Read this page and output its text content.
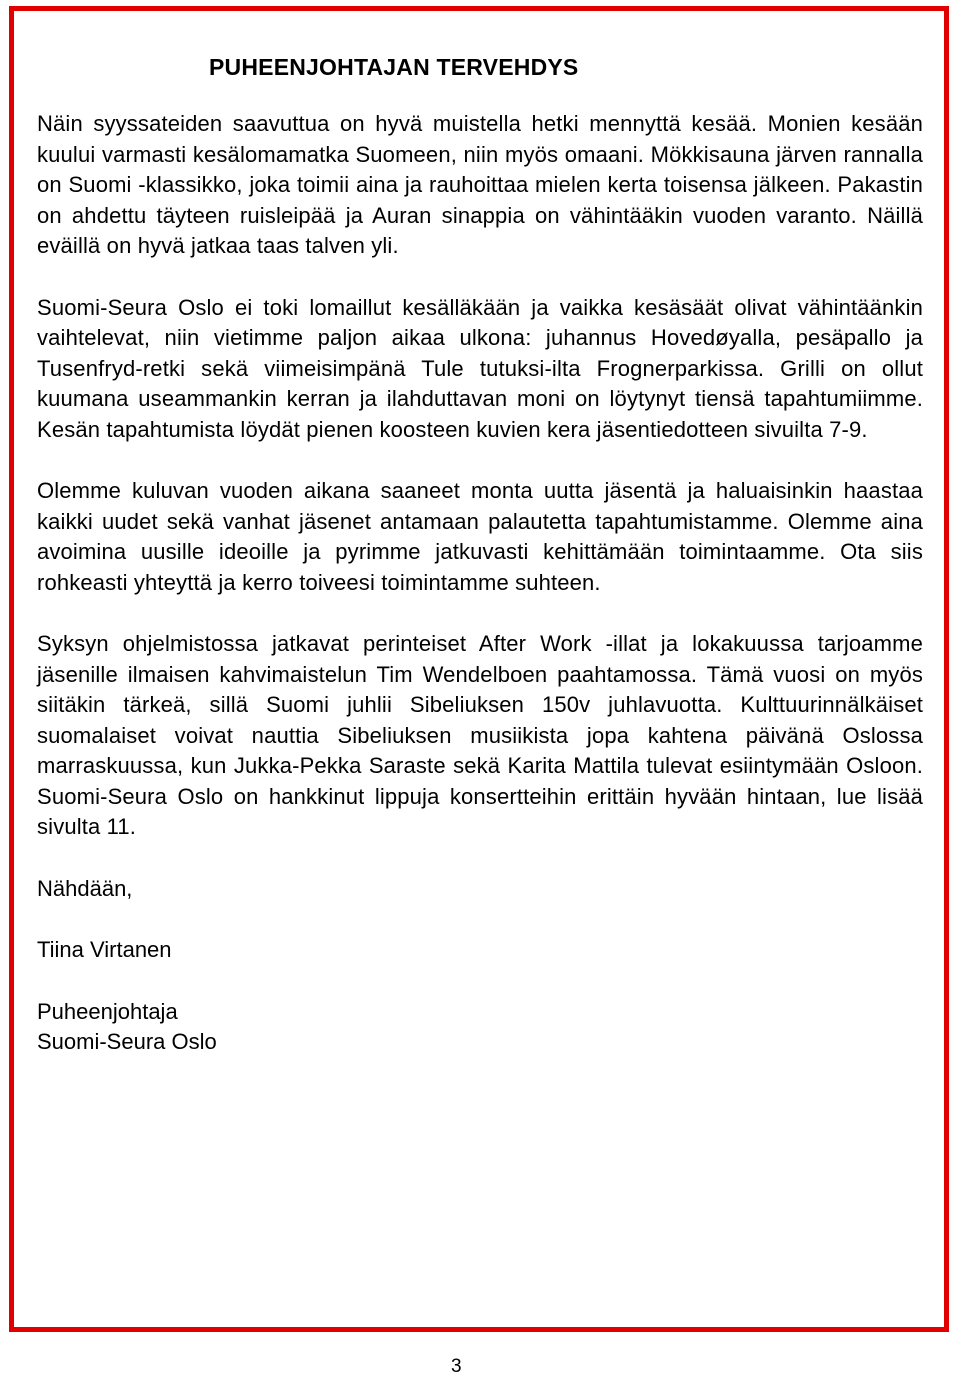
PUHEENJOHTAJAN TERVEHDYS

Näin syyssateiden saavuttua on hyvä muistella hetki mennyttä kesää. Monien kesään kuului varmasti kesälomamatka Suomeen, niin myös omaani. Mökkisauna järven rannalla on Suomi -klassikko, joka toimii aina ja rauhoittaa mielen kerta toisensa jälkeen. Pakastin on ahdettu täyteen ruisleipää ja Auran sinappia on vähintääkin vuoden varanto. Näillä eväillä on hyvä jatkaa taas talven yli.

Suomi-Seura Oslo ei toki lomaillut kesälläkään ja vaikka kesäsäät olivat vähintäänkin vaihtelevat, niin vietimme paljon aikaa ulkona: juhannus Hovedøyalla, pesäpallo ja Tusenfryd-retki sekä viimeisimpänä Tule tutuksi-ilta Frognerparkissa. Grilli on ollut kuumana useammankin kerran ja ilahduttavan moni on löytynyt tiensä tapahtumiimme. Kesän tapahtumista löydät pienen koosteen kuvien kera jäsentiedotteen sivuilta 7-9.

Olemme kuluvan vuoden aikana saaneet monta uutta jäsentä ja haluaisinkin haastaa kaikki uudet sekä vanhat jäsenet antamaan palautetta tapahtumistamme. Olemme aina avoimina uusille ideoille ja pyrimme jatkuvasti kehittämään toimintaamme. Ota siis rohkeasti yhteyttä ja kerro toiveesi toimintamme suhteen.

Syksyn ohjelmistossa jatkavat perinteiset After Work -illat ja lokakuussa tarjoamme jäsenille ilmaisen kahvimaistelun Tim Wendelboen paahtamossa. Tämä vuosi on myös siitäkin tärkeä, sillä Suomi juhlii Sibeliuksen 150v juhlavuotta. Kulttuurinnälkäiset suomalaiset voivat nauttia Sibeliuksen musiikista jopa kahtena päivänä Oslossa marraskuussa, kun Jukka-Pekka Saraste sekä Karita Mattila tulevat esiintymään Osloon. Suomi-Seura Oslo on hankkinut lippuja konsertteihin erittäin hyvään hintaan, lue lisää sivulta 11.

Nähdään,

Tiina Virtanen

Puheenjohtaja
Suomi-Seura Oslo

3
